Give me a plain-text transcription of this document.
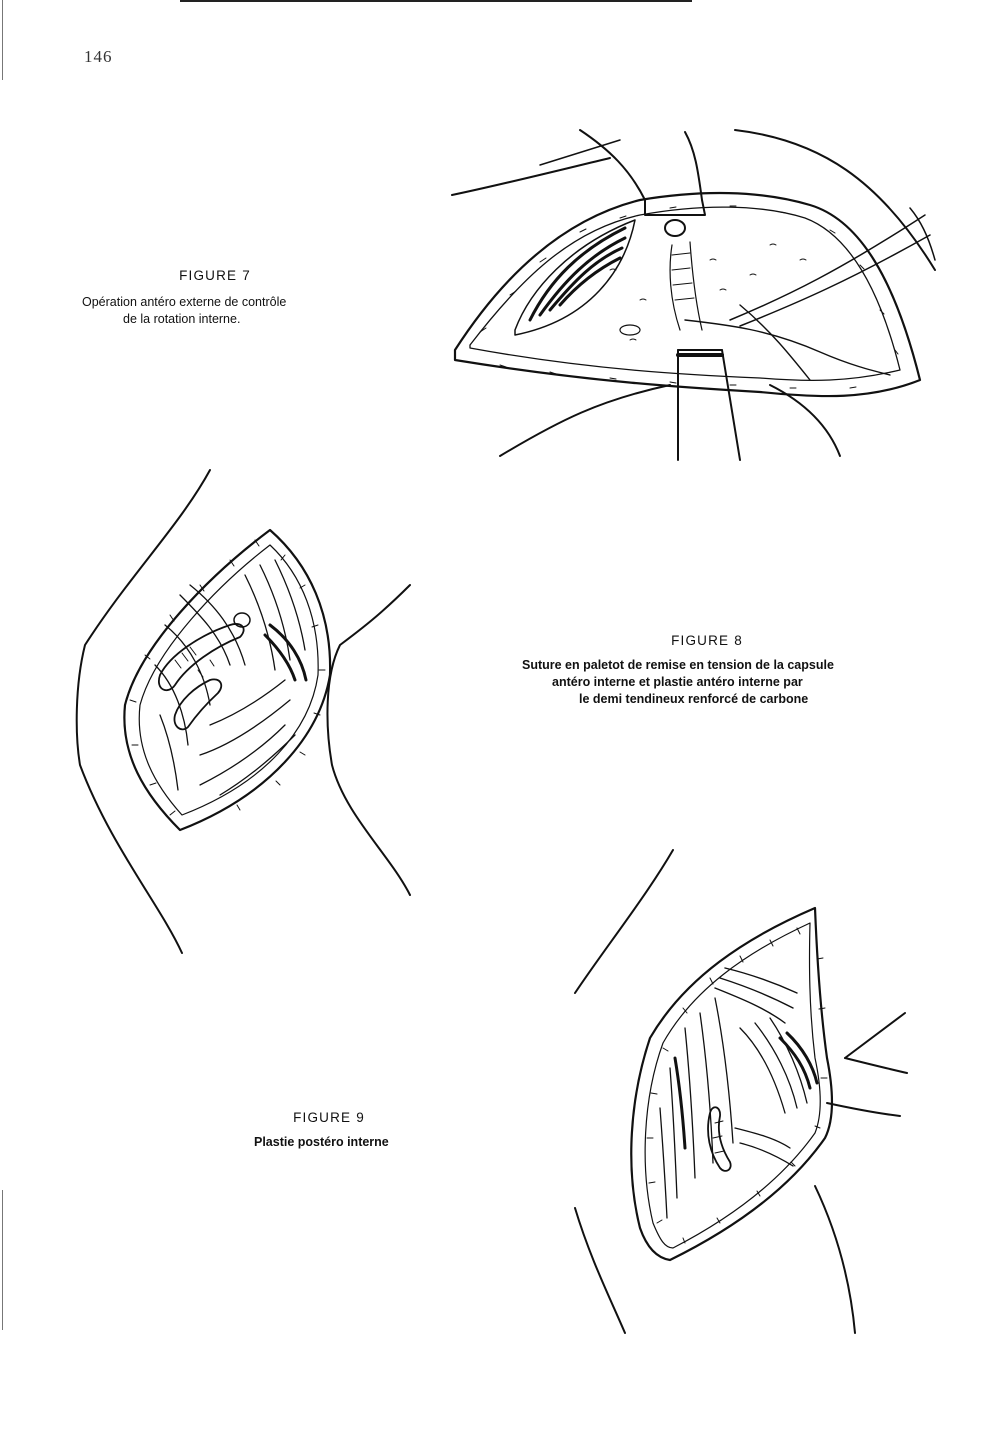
146
FIGURE 7
Opération antéro externe de contrôle
de la rotation interne.
FIGURE 8
Suture en paletot de remise en tension de la capsule
antéro interne et plastie antéro interne par
le demi tendineux renforcé de carbone
FIGURE 9
Plastie postéro interne
